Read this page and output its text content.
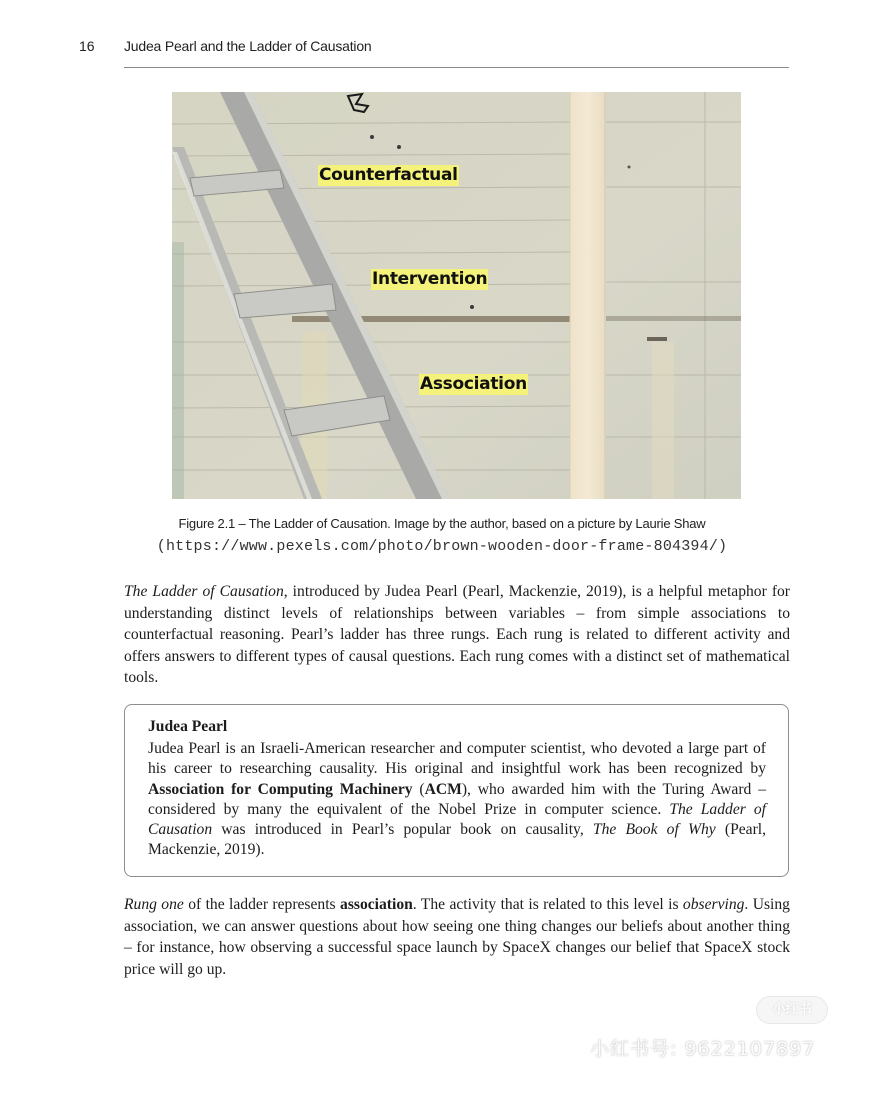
16 Judea Pearl and the Ladder of Causation
Counterfactual
Intervention
Association
Figure 2.1 – The Ladder of Causation. Image by the author, based on a picture by Laurie Shaw
(https://www.pexels.com/photo/brown-wooden-door-frame-804394/)

The Ladder of Causation, introduced by Judea Pearl (Pearl, Mackenzie, 2019), is a helpful metaphor for understanding distinct levels of relationships between variables – from simple associations to counterfactual reasoning. Pearl’s ladder has three rungs. Each rung is related to different activity and offers answers to different types of causal questions. Each rung comes with a distinct set of mathematical tools.

Judea Pearl

Judea Pearl is an Israeli-American researcher and computer scientist, who devoted a large part of his career to researching causality. His original and insightful work has been recognized by Association for Computing Machinery (ACM), who awarded him with the Turing Award – considered by many the equivalent of the Nobel Prize in computer science. The Ladder of Causation was introduced in Pearl’s popular book on causality, The Book of Why (Pearl, Mackenzie, 2019).

Rung one of the ladder represents association. The activity that is related to this level is observing. Using association, we can answer questions about how seeing one thing changes our beliefs about another thing – for instance, how observing a successful space launch by SpaceX changes our belief that SpaceX stock price will go up.

小红书
小红书号: 9622107897
